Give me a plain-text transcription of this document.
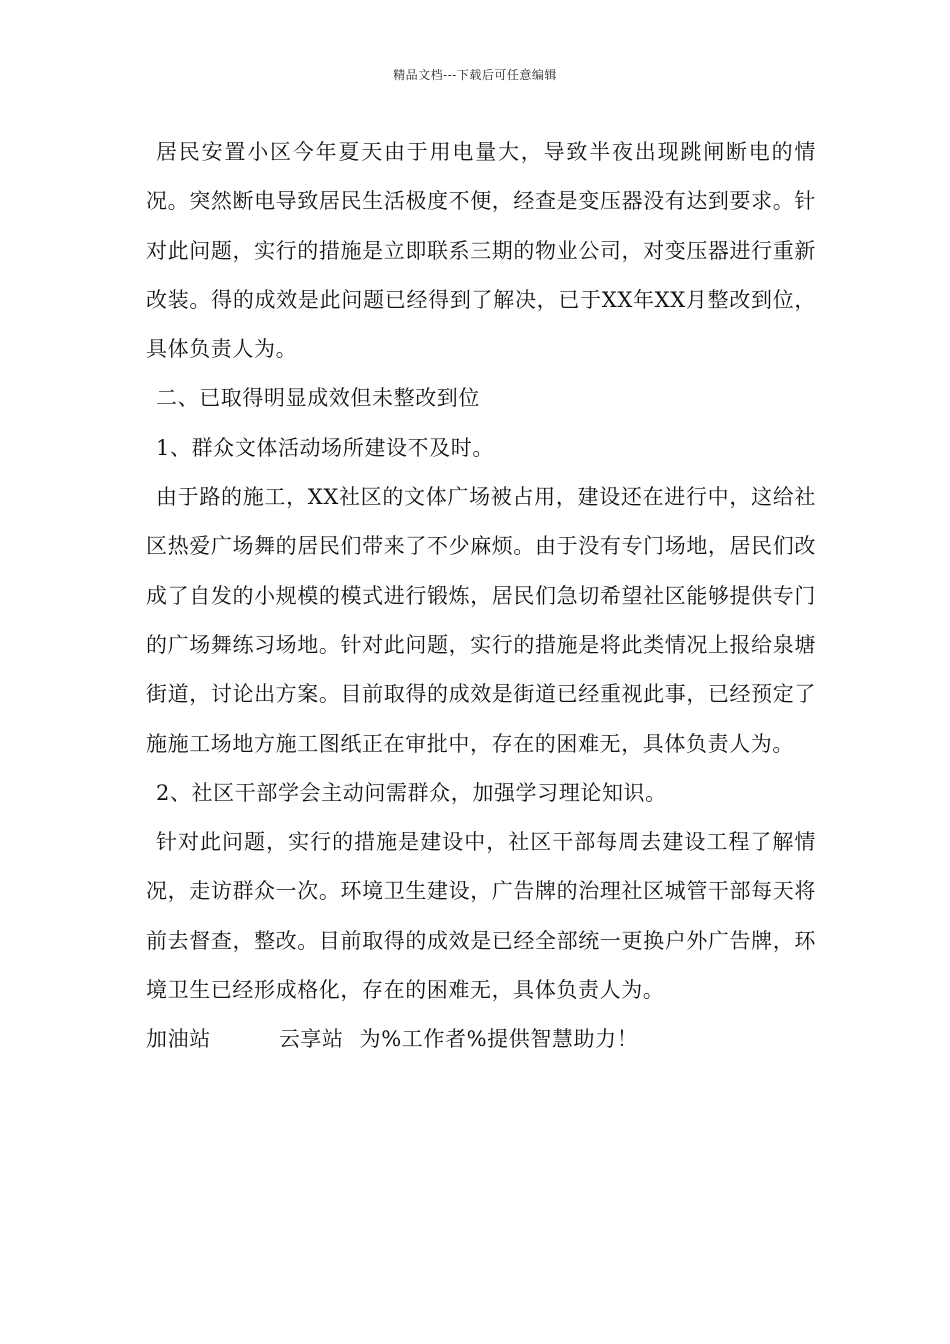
精品文档---下载后可任意编辑

居民安置小区今年夏天由于用电量大，导致半夜出现跳闸断电的情况。突然断电导致居民生活极度不便，经查是变压器没有达到要求。针对此问题，实行的措施是立即联系三期的物业公司，对变压器进行重新改装。得的成效是此问题已经得到了解决，已于XX年XX月整改到位，具体负责人为。

二、已取得明显成效但未整改到位

1、群众文体活动场所建设不及时。

由于路的施工，XX社区的文体广场被占用，建设还在进行中，这给社区热爱广场舞的居民们带来了不少麻烦。由于没有专门场地，居民们改成了自发的小规模的模式进行锻炼，居民们急切希望社区能够提供专门的广场舞练习场地。针对此问题，实行的措施是将此类情况上报给泉塘街道，讨论出方案。目前取得的成效是街道已经重视此事，已经预定了施施工场地方施工图纸正在审批中，存在的困难无，具体负责人为。

2、社区干部学会主动问需群众，加强学习理论知识。

针对此问题，实行的措施是建设中，社区干部每周去建设工程了解情况，走访群众一次。环境卫生建设，广告牌的治理社区城管干部每天将前去督查，整改。目前取得的成效是已经全部统一更换户外广告牌，环境卫生已经形成格化，存在的困难无，具体负责人为。

加油站	云享站 为%工作者%提供智慧助力！
